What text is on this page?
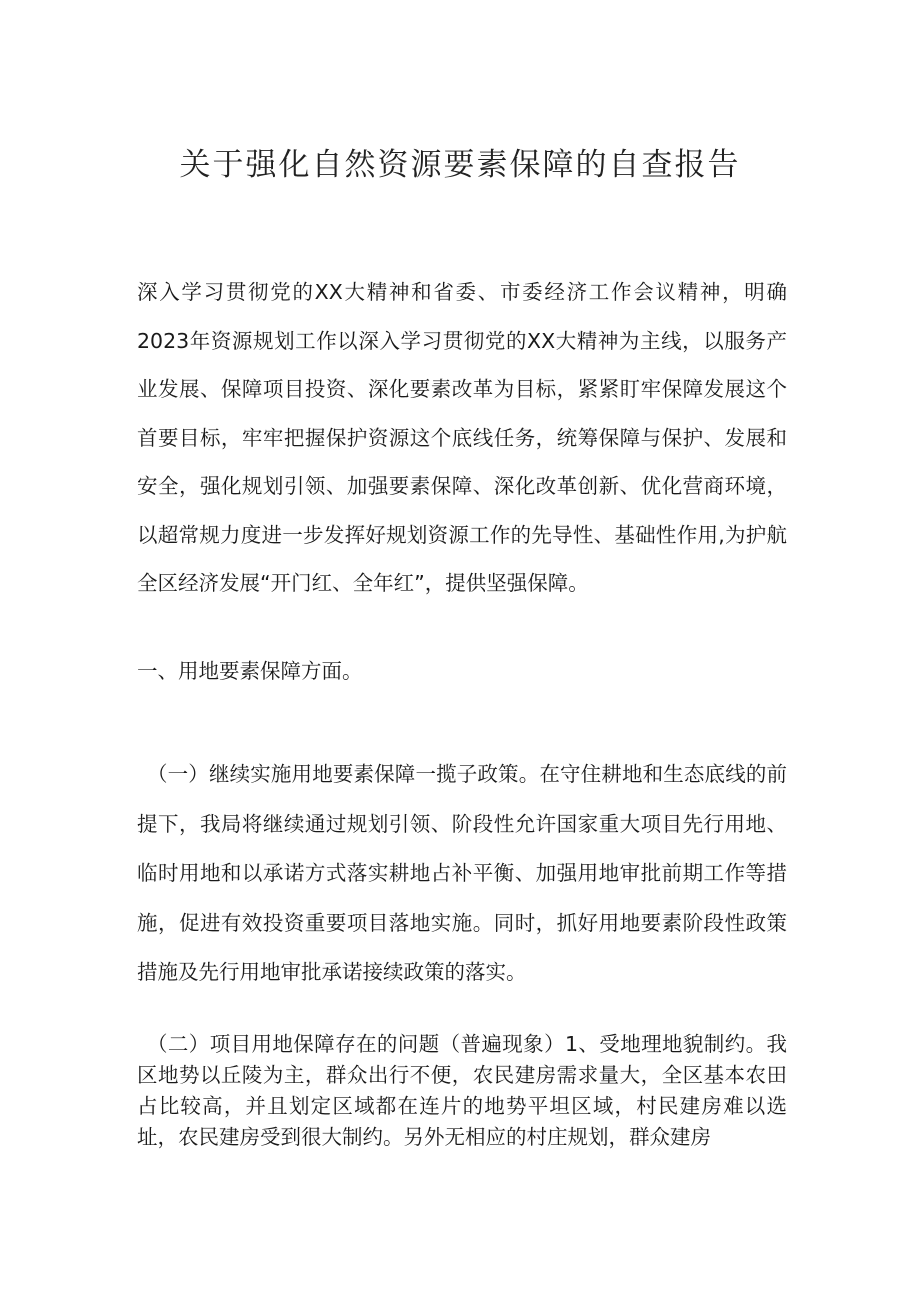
关于强化自然资源要素保障的自查报告

深入学习贯彻党的XX大精神和省委、市委经济工作会议精神，明确2023年资源规划工作以深入学习贯彻党的XX大精神为主线，以服务产业发展、保障项目投资、深化要素改革为目标，紧紧盯牢保障发展这个首要目标，牢牢把握保护资源这个底线任务，统筹保障与保护、发展和安全，强化规划引领、加强要素保障、深化改革创新、优化营商环境，以超常规力度进一步发挥好规划资源工作的先导性、基础性作用,为护航全区经济发展“开门红、全年红”，提供坚强保障。

一、用地要素保障方面。

（一）继续实施用地要素保障一揽子政策。在守住耕地和生态底线的前提下，我局将继续通过规划引领、阶段性允许国家重大项目先行用地、临时用地和以承诺方式落实耕地占补平衡、加强用地审批前期工作等措施，促进有效投资重要项目落地实施。同时，抓好用地要素阶段性政策措施及先行用地审批承诺接续政策的落实。

（二）项目用地保障存在的问题（普遍现象）1、受地理地貌制约。我区地势以丘陵为主，群众出行不便，农民建房需求量大，全区基本农田占比较高，并且划定区域都在连片的地势平坦区域，村民建房难以选址，农民建房受到很大制约。另外无相应的村庄规划，群众建房
